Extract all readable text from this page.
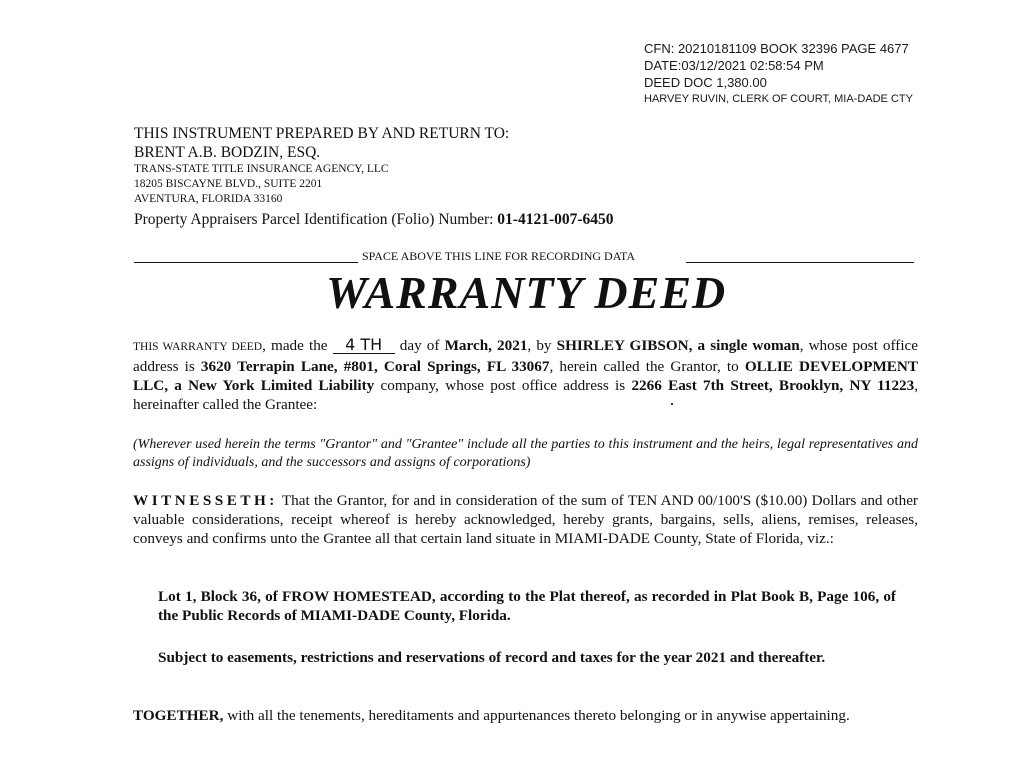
CFN: 20210181109 BOOK 32396 PAGE 4677
DATE:03/12/2021 02:58:54 PM
DEED DOC 1,380.00
HARVEY RUVIN, CLERK OF COURT, MIA-DADE CTY
THIS INSTRUMENT PREPARED BY AND RETURN TO:
BRENT A.B. BODZIN, ESQ.
TRANS-STATE TITLE INSURANCE AGENCY, LLC
18205 BISCAYNE BLVD., SUITE 2201
AVENTURA, FLORIDA 33160
Property Appraisers Parcel Identification (Folio) Number: 01-4121-007-6450
SPACE ABOVE THIS LINE FOR RECORDING DATA
WARRANTY DEED
THIS WARRANTY DEED, made the 4 TH day of March, 2021, by SHIRLEY GIBSON, a single woman, whose post office address is 3620 Terrapin Lane, #801, Coral Springs, FL 33067, herein called the Grantor, to OLLIE DEVELOPMENT LLC, a New York Limited Liability company, whose post office address is 2266 East 7th Street, Brooklyn, NY 11223, hereinafter called the Grantee:
(Wherever used herein the terms "Grantor" and "Grantee" include all the parties to this instrument and the heirs, legal representatives and assigns of individuals, and the successors and assigns of corporations)
WITNESSETH: That the Grantor, for and in consideration of the sum of TEN AND 00/100'S ($10.00) Dollars and other valuable considerations, receipt whereof is hereby acknowledged, hereby grants, bargains, sells, aliens, remises, releases, conveys and confirms unto the Grantee all that certain land situate in MIAMI-DADE County, State of Florida, viz.:
Lot 1, Block 36, of FROW HOMESTEAD, according to the Plat thereof, as recorded in Plat Book B, Page 106, of the Public Records of MIAMI-DADE County, Florida.
Subject to easements, restrictions and reservations of record and taxes for the year 2021 and thereafter.
TOGETHER, with all the tenements, hereditaments and appurtenances thereto belonging or in anywise appertaining.
